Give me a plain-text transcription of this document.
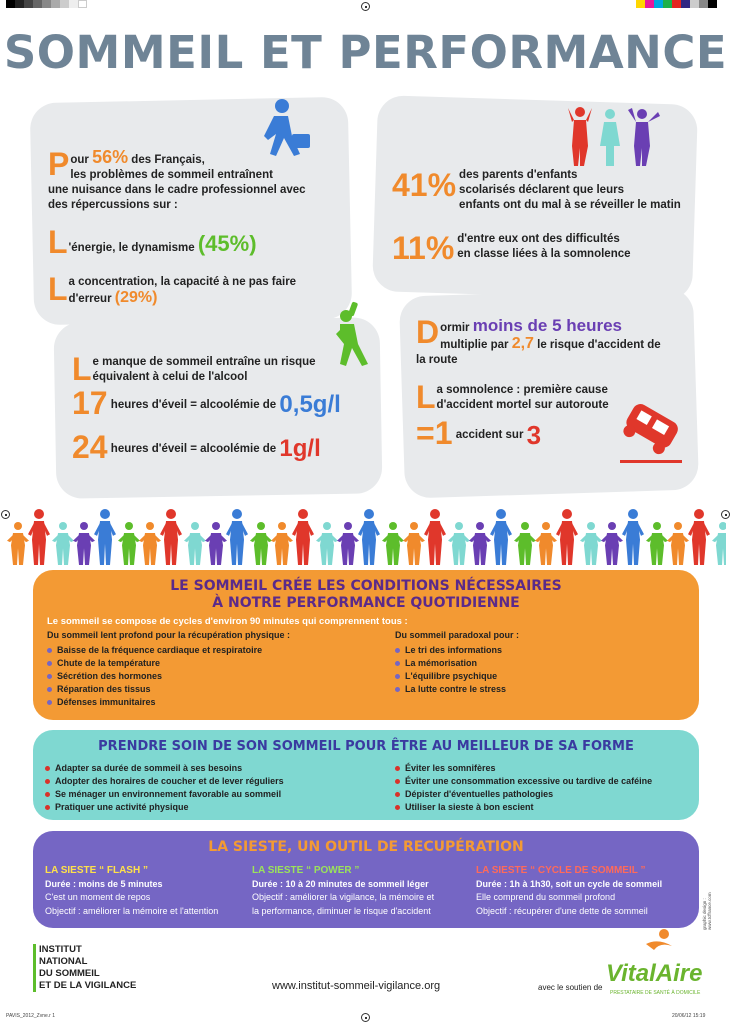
SOMMEIL ET PERFORMANCE
P our 56% des Français,
les problèmes de sommeil entraînent
une nuisance dans le cadre professionnel avec
des répercussions sur :
L 'énergie, le dynamisme (45%)
L a concentration, la capacité à ne pas faire
d'erreur (29%)
41% des parents d'enfants
scolarisés déclarent que leurs
enfants ont du mal à se réveiller le matin
11% d'entre eux ont des difficultés
en classe liées à la somnolence
L e manque de sommeil entraîne un risque
équivalent à celui de l'alcool
17 heures d'éveil = alcoolémie de 0,5g/l
24 heures d'éveil = alcoolémie de 1g/l
D ormir moins de 5 heures
multiplie par 2,7 le risque d'accident de
la route
L a somnolence : première cause
d'accident mortel sur autoroute
=1 accident sur 3
LE SOMMEIL CRÉE LES CONDITIONS NÉCESSAIRES
À NOTRE PERFORMANCE QUOTIDIENNE
Le sommeil se compose de cycles d'environ 90 minutes qui comprennent tous :
Du sommeil lent profond pour la récupération physique :
Baisse de la fréquence cardiaque et respiratoire
Chute de la température
Sécrétion des hormones
Réparation des tissus
Défenses immunitaires
Du sommeil paradoxal pour :
Le tri des informations
La mémorisation
L'équilibre psychique
La lutte contre le stress
PRENDRE SOIN DE SON SOMMEIL POUR ÊTRE AU MEILLEUR DE SA FORME
Adapter sa durée de sommeil à ses besoins
Adopter des horaires de coucher et de lever réguliers
Se ménager un environnement favorable au sommeil
Pratiquer une activité physique
Éviter les somnifères
Éviter une consommation excessive ou tardive de caféine
Dépister d'éventuelles pathologies
Utiliser la sieste à bon escient
LA SIESTE, UN OUTIL DE RECUPÉRATION
LA SIESTE “ FLASH ”
Durée : moins de 5 minutes
C'est un moment de repos
Objectif : améliorer la mémoire et l'attention
LA SIESTE “ POWER ”
Durée : 10 à 20 minutes de sommeil léger
Objectif : améliorer la vigilance, la mémoire et
la performance, diminuer le risque d'accident
LA SIESTE “ CYCLE DE SOMMEIL ”
Durée : 1h à 1h30, soit un cycle de sommeil
Elle comprend du sommeil profond
Objectif : récupérer d'une dette de sommeil
INSTITUT
NATIONAL
DU SOMMEIL
ET DE LA VIGILANCE	www.institut-sommeil-vigilance.org	avec le soutien de
VitalAire
PRESTATAIRE DE SANTÉ À DOMICILE
graphic design : www.tcffrance.com
PAVIS_2012_Zvne.r 1	20/06/12 15:19
